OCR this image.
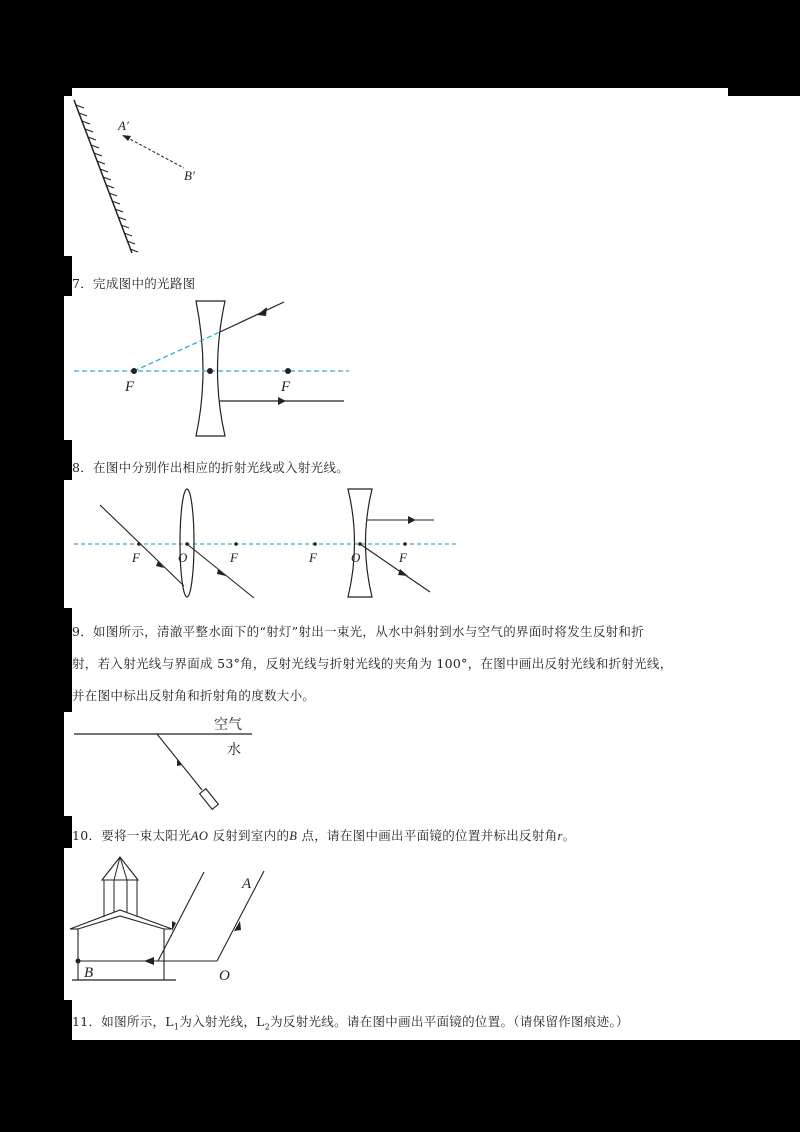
A′
B′
7．完成图中的光路图
F	F
8．在图中分别作出相应的折射光线或入射光线。
F	O	F	F	O	F
9．如图所示，清澈平整水面下的“射灯”射出一束光，从水中斜射到水与空气的界面时将发生反射和折
射，若入射光线与界面成 53°角，反射光线与折射光线的夹角为 100°，在图中画出反射光线和折射光线，
并在图中标出反射角和折射角的度数大小。
空气
水
10．要将一束太阳光AO 反射到室内的B 点，请在图中画出平面镜的位置并标出反射角r。
A
B	O
11．如图所示，$L_1$为入射光线，$L_2$为反射光线。请在图中画出平面镜的位置。（请保留作图痕迹。）
